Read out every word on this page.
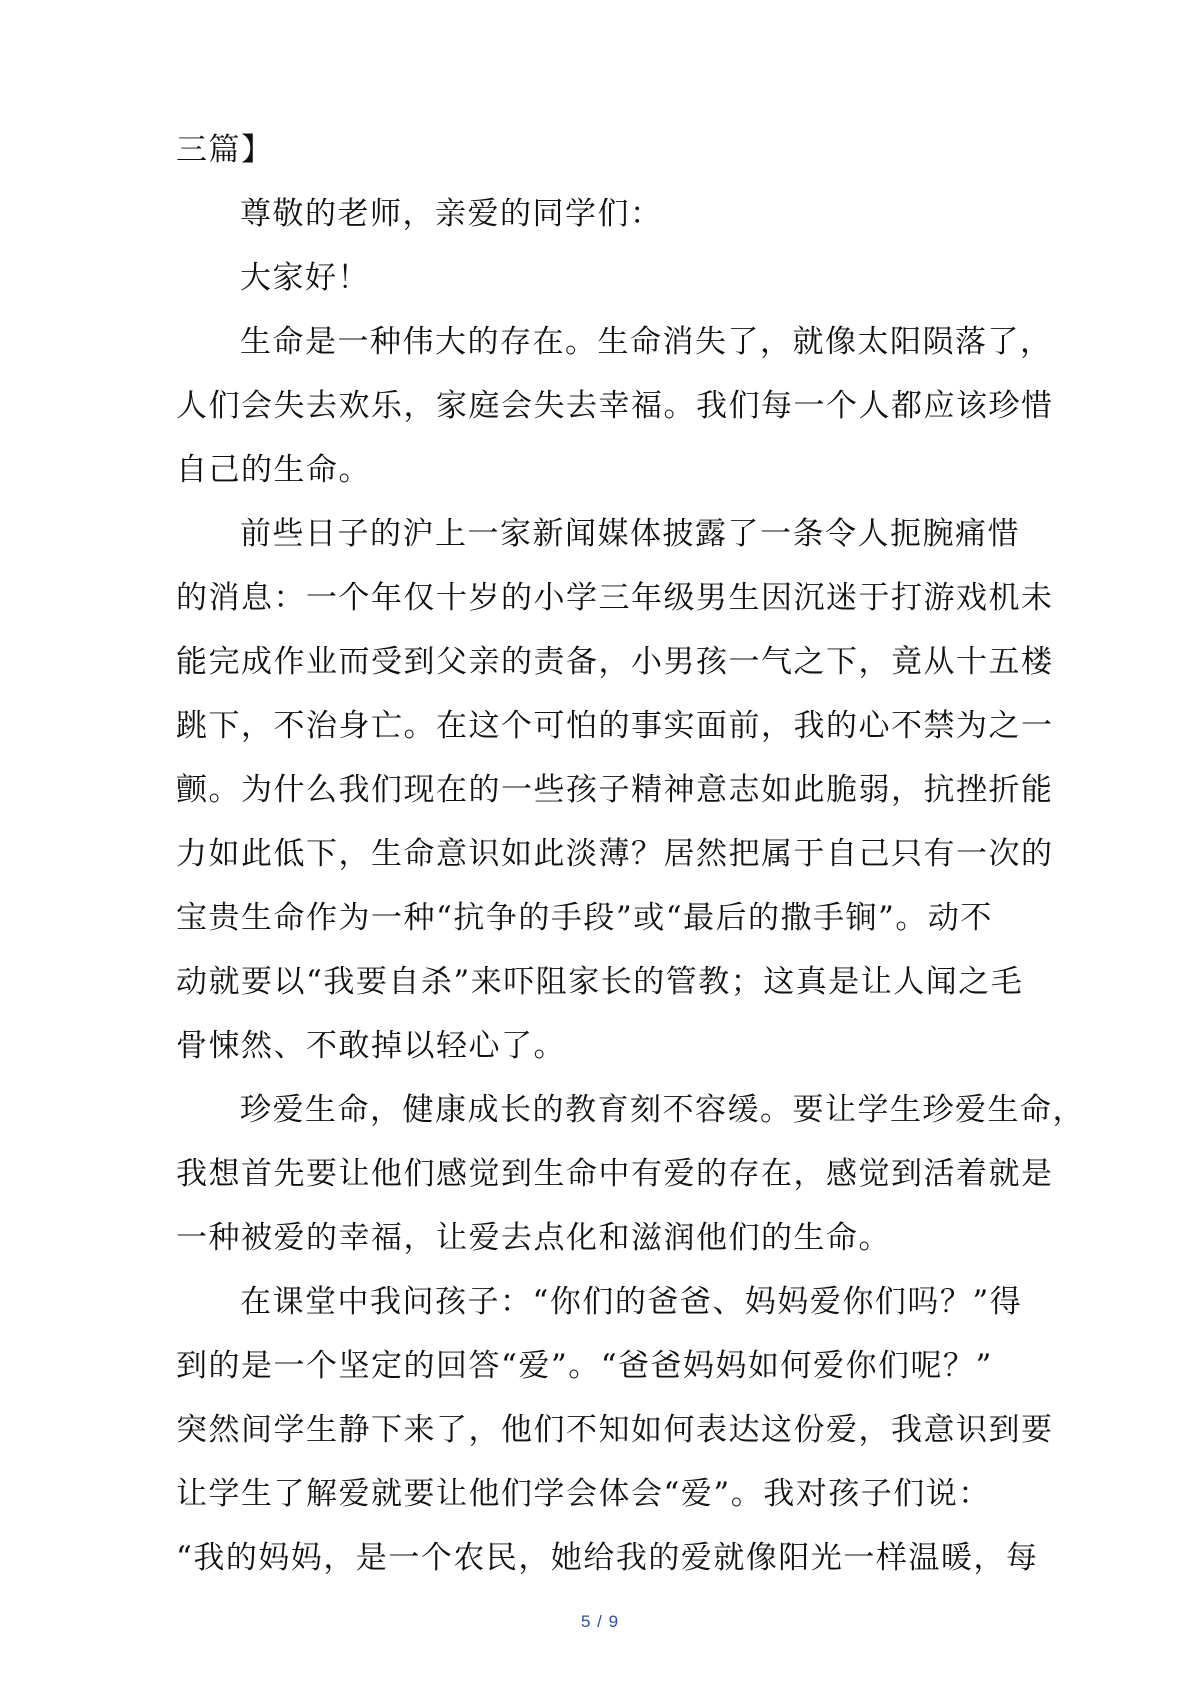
三篇】
尊敬的老师，亲爱的同学们：
大家好！
生命是一种伟大的存在。生命消失了，就像太阳陨落了，
人们会失去欢乐，家庭会失去幸福。我们每一个人都应该珍惜
自己的生命。
前些日子的沪上一家新闻媒体披露了一条令人扼腕痛惜
的消息：一个年仅十岁的小学三年级男生因沉迷于打游戏机未
能完成作业而受到父亲的责备，小男孩一气之下，竟从十五楼
跳下，不治身亡。在这个可怕的事实面前，我的心不禁为之一
颤。为什么我们现在的一些孩子精神意志如此脆弱，抗挫折能
力如此低下，生命意识如此淡薄？居然把属于自己只有一次的
宝贵生命作为一种“抗争的手段”或“最后的撒手锏”。动不
动就要以“我要自杀”来吓阻家长的管教；这真是让人闻之毛
骨悚然、不敢掉以轻心了。
珍爱生命，健康成长的教育刻不容缓。要让学生珍爱生命，
我想首先要让他们感觉到生命中有爱的存在，感觉到活着就是
一种被爱的幸福，让爱去点化和滋润他们的生命。
在课堂中我问孩子：“你们的爸爸、妈妈爱你们吗？”得
到的是一个坚定的回答“爱”。“爸爸妈妈如何爱你们呢？”
突然间学生静下来了，他们不知如何表达这份爱，我意识到要
让学生了解爱就要让他们学会体会“爱”。我对孩子们说：
“我的妈妈，是一个农民，她给我的爱就像阳光一样温暖，每
5 / 9
